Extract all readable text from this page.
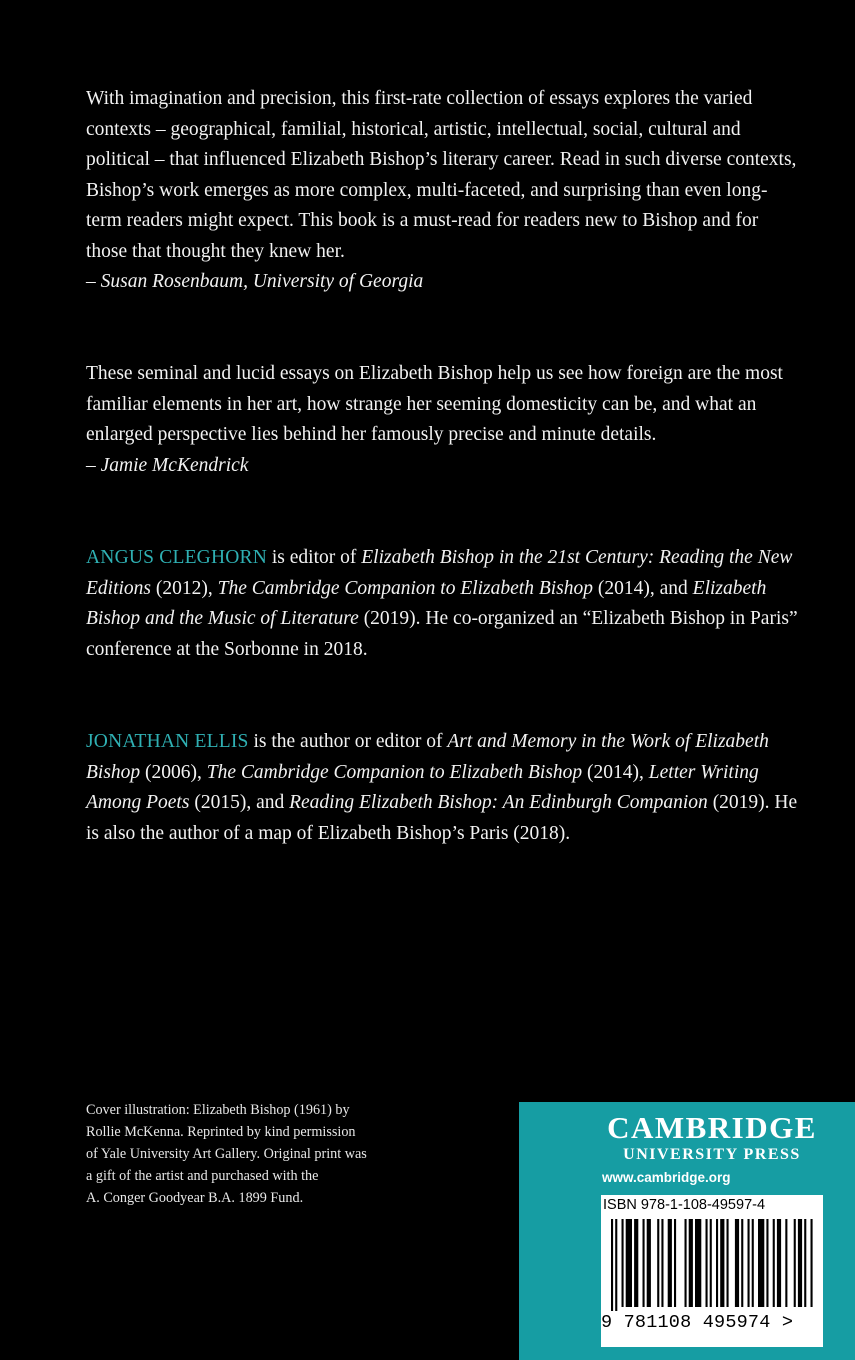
With imagination and precision, this first-rate collection of essays explores the varied contexts – geographical, familial, historical, artistic, intellectual, social, cultural and political – that influenced Elizabeth Bishop’s literary career. Read in such diverse contexts, Bishop’s work emerges as more complex, multi-faceted, and surprising than even long-term readers might expect. This book is a must-read for readers new to Bishop and for those that thought they knew her.

– Susan Rosenbaum, University of Georgia

These seminal and lucid essays on Elizabeth Bishop help us see how foreign are the most familiar elements in her art, how strange her seeming domesticity can be, and what an enlarged perspective lies behind her famously precise and minute details.

– Jamie McKendrick

ANGUS CLEGHORN is editor of Elizabeth Bishop in the 21st Century: Reading the New Editions (2012), The Cambridge Companion to Elizabeth Bishop (2014), and Elizabeth Bishop and the Music of Literature (2019). He co-organized an “Elizabeth Bishop in Paris” conference at the Sorbonne in 2018.

JONATHAN ELLIS is the author or editor of Art and Memory in the Work of Elizabeth Bishop (2006), The Cambridge Companion to Elizabeth Bishop (2014), Letter Writing Among Poets (2015), and Reading Elizabeth Bishop: An Edinburgh Companion (2019). He is also the author of a map of Elizabeth Bishop’s Paris (2018).

Cover illustration: Elizabeth Bishop (1961) by
Rollie McKenna. Reprinted by kind permission
of Yale University Art Gallery. Original print was
a gift of the artist and purchased with the
A. Conger Goodyear B.A. 1899 Fund.
CAMBRIDGE
UNIVERSITY PRESS
www.cambridge.org
ISBN 978-1-108-49597-4
9 781108 495974 >
